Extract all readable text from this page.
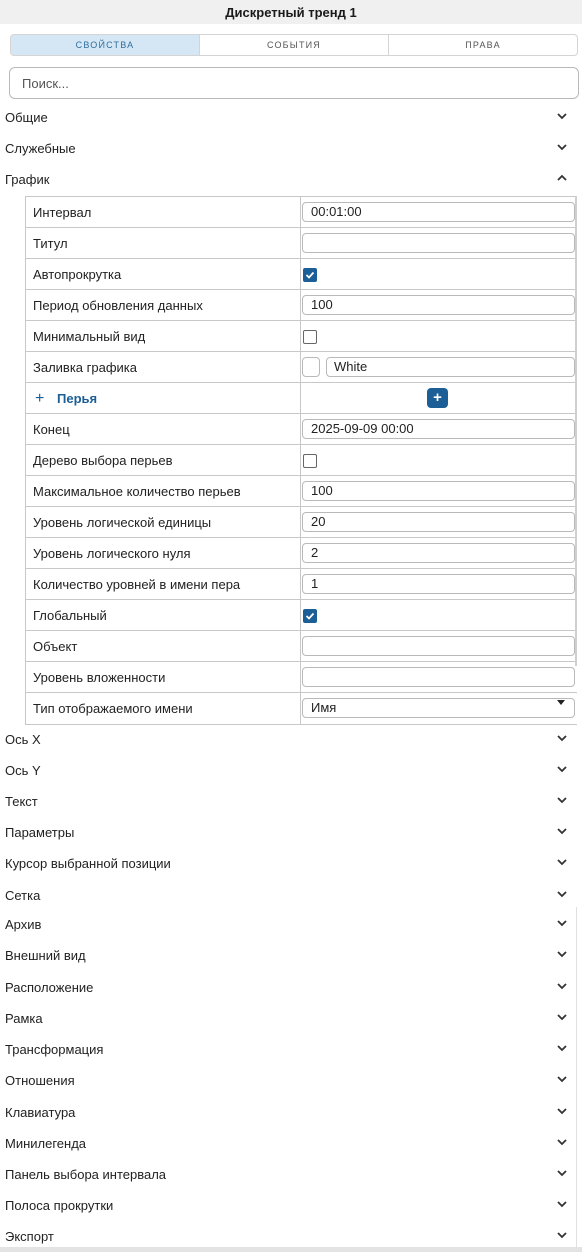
Дискретный тренд 1
СВОЙСТВА	СОБЫТИЯ	ПРАВА
Поиск...
Общие
Служебные
График
Интервал	00:01:00
Титул
Автопрокрутка
Период обновления данных	100
Минимальный вид
Заливка графика	White
+ Перья	+
Конец	2025-09-09 00:00
Дерево выбора перьев
Максимальное количество перьев	100
Уровень логической единицы	20
Уровень логического нуля	2
Количество уровней в имени пера	1
Глобальный
Объект
Уровень вложенности
Тип отображаемого имени	Имя
Ось X
Ось Y
Текст
Параметры
Курсор выбранной позиции
Сетка
Архив
Внешний вид
Расположение
Рамка
Трансформация
Отношения
Клавиатура
Минилегенда
Панель выбора интервала
Полоса прокрутки
Экспорт
